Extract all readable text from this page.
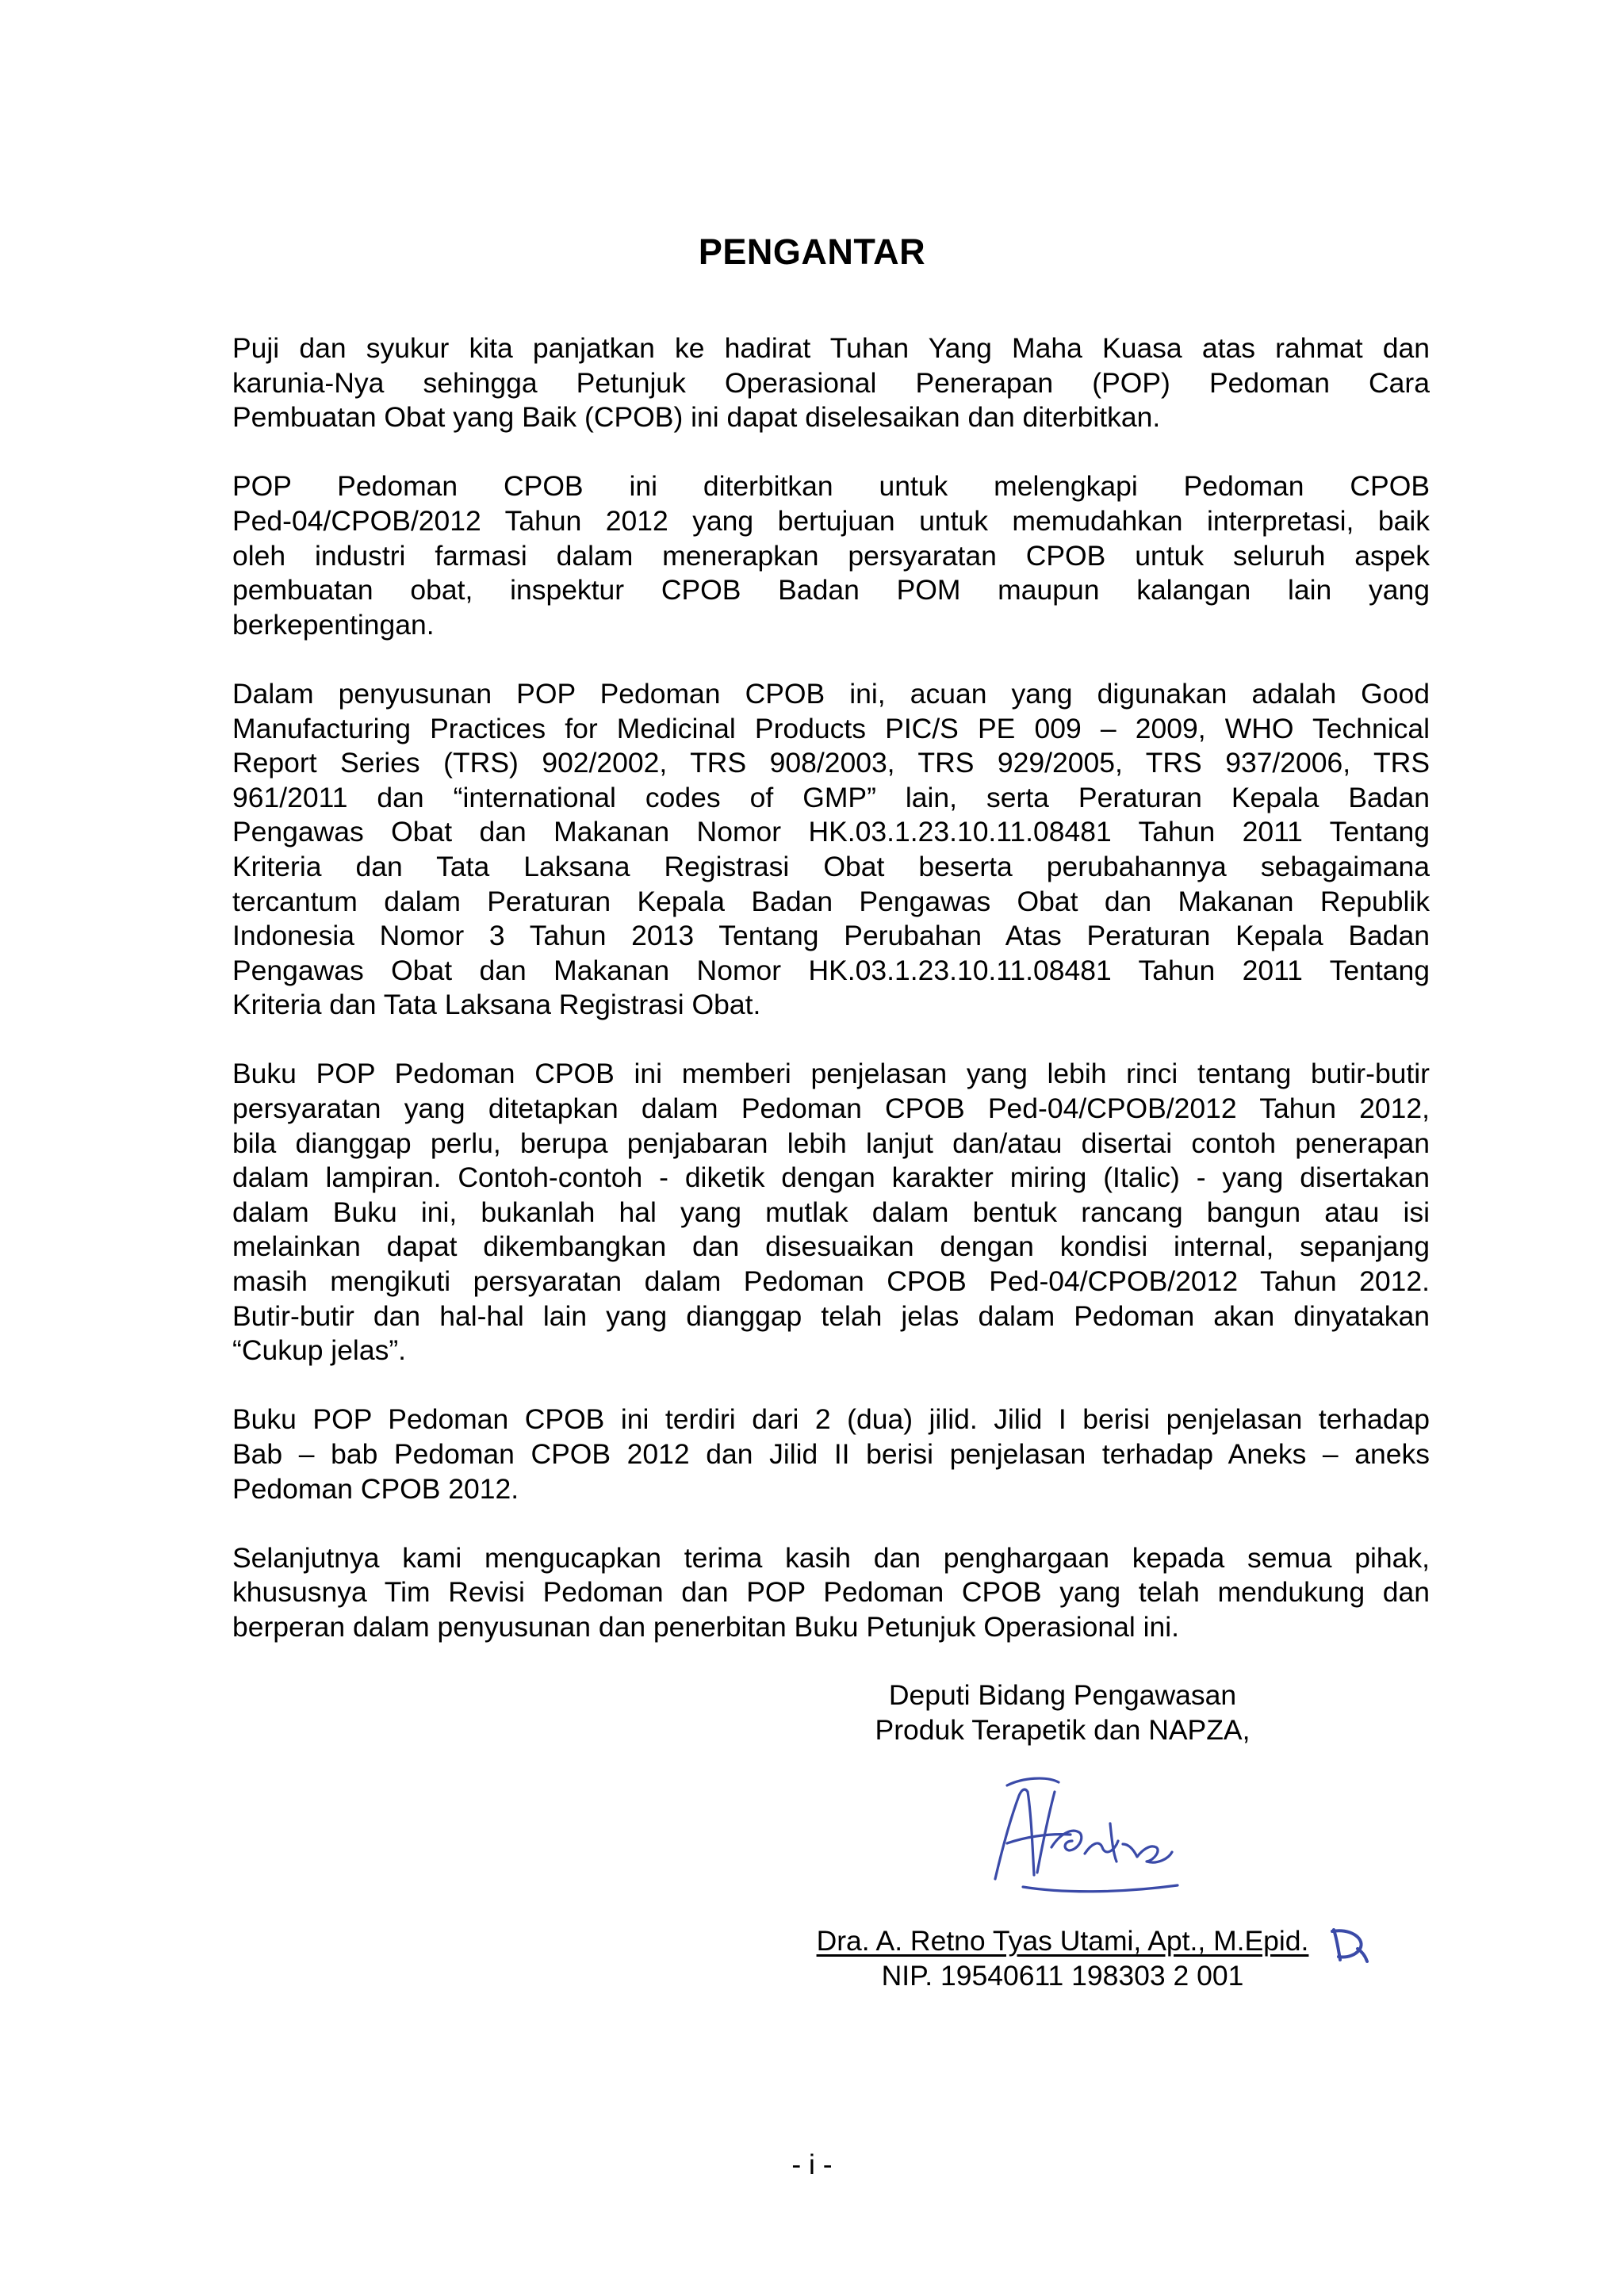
PENGANTAR

Puji dan syukur kita panjatkan ke hadirat Tuhan Yang Maha Kuasa atas rahmat dan
karunia-Nya sehingga Petunjuk Operasional Penerapan (POP) Pedoman Cara
Pembuatan Obat yang Baik (CPOB) ini dapat diselesaikan dan diterbitkan.

POP Pedoman CPOB ini diterbitkan untuk melengkapi Pedoman CPOB
Ped-04/CPOB/2012 Tahun 2012 yang bertujuan untuk memudahkan interpretasi, baik
oleh industri farmasi dalam menerapkan persyaratan CPOB untuk seluruh aspek
pembuatan obat, inspektur CPOB Badan POM maupun kalangan lain yang
berkepentingan.

Dalam penyusunan POP Pedoman CPOB ini, acuan yang digunakan adalah Good
Manufacturing Practices for Medicinal Products PIC/S PE 009 – 2009, WHO Technical
Report Series (TRS) 902/2002, TRS 908/2003, TRS 929/2005, TRS 937/2006, TRS
961/2011 dan “international codes of GMP” lain, serta Peraturan Kepala Badan
Pengawas Obat dan Makanan Nomor HK.03.1.23.10.11.08481 Tahun 2011 Tentang
Kriteria dan Tata Laksana Registrasi Obat beserta perubahannya sebagaimana
tercantum dalam Peraturan Kepala Badan Pengawas Obat dan Makanan Republik
Indonesia Nomor 3 Tahun 2013 Tentang Perubahan Atas Peraturan Kepala Badan
Pengawas Obat dan Makanan Nomor HK.03.1.23.10.11.08481 Tahun 2011 Tentang
Kriteria dan Tata Laksana Registrasi Obat.

Buku POP Pedoman CPOB ini memberi penjelasan yang lebih rinci tentang butir-butir
persyaratan yang ditetapkan dalam Pedoman CPOB Ped-04/CPOB/2012 Tahun 2012,
bila dianggap perlu, berupa penjabaran lebih lanjut dan/atau disertai contoh penerapan
dalam lampiran. Contoh-contoh - diketik dengan karakter miring (Italic) - yang disertakan
dalam Buku ini, bukanlah hal yang mutlak dalam bentuk rancang bangun atau isi
melainkan dapat dikembangkan dan disesuaikan dengan kondisi internal, sepanjang
masih mengikuti persyaratan dalam Pedoman CPOB Ped-04/CPOB/2012 Tahun 2012.
Butir-butir dan hal-hal lain yang dianggap telah jelas dalam Pedoman akan dinyatakan
“Cukup jelas”.

Buku POP Pedoman CPOB ini terdiri dari 2 (dua) jilid. Jilid I berisi penjelasan terhadap
Bab – bab Pedoman CPOB 2012 dan Jilid II berisi penjelasan terhadap Aneks – aneks
Pedoman CPOB 2012.

Selanjutnya kami mengucapkan terima kasih dan penghargaan kepada semua pihak,
khususnya Tim Revisi Pedoman dan POP Pedoman CPOB yang telah mendukung dan
berperan dalam penyusunan dan penerbitan Buku Petunjuk Operasional ini.

Deputi Bidang Pengawasan
Produk Terapetik dan NAPZA,
Dra. A. Retno Tyas Utami, Apt., M.Epid.
NIP. 19540611 198303 2 001
- i -
